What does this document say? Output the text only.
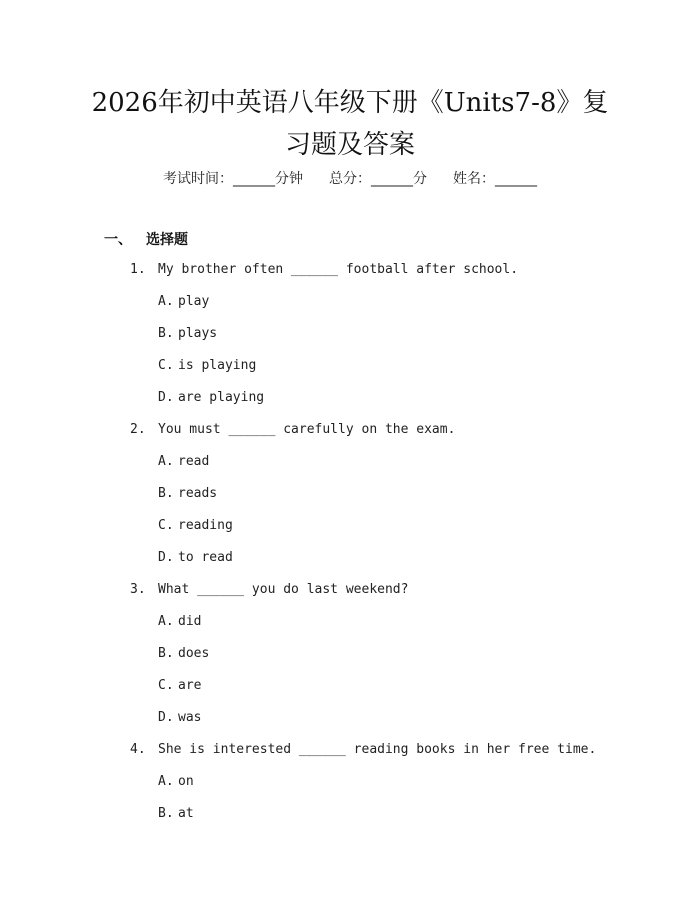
2026年初中英语八年级下册《Units7-8》复
习题及答案
考试时间：______分钟 总分：______分 姓名：______
一、 选择题
1. My brother often ______ football after school.
A. play
B. plays
C. is playing
D. are playing
2. You must ______ carefully on the exam.
A. read
B. reads
C. reading
D. to read
3. What ______ you do last weekend?
A. did
B. does
C. are
D. was
4. She is interested ______ reading books in her free time.
A. on
B. at
